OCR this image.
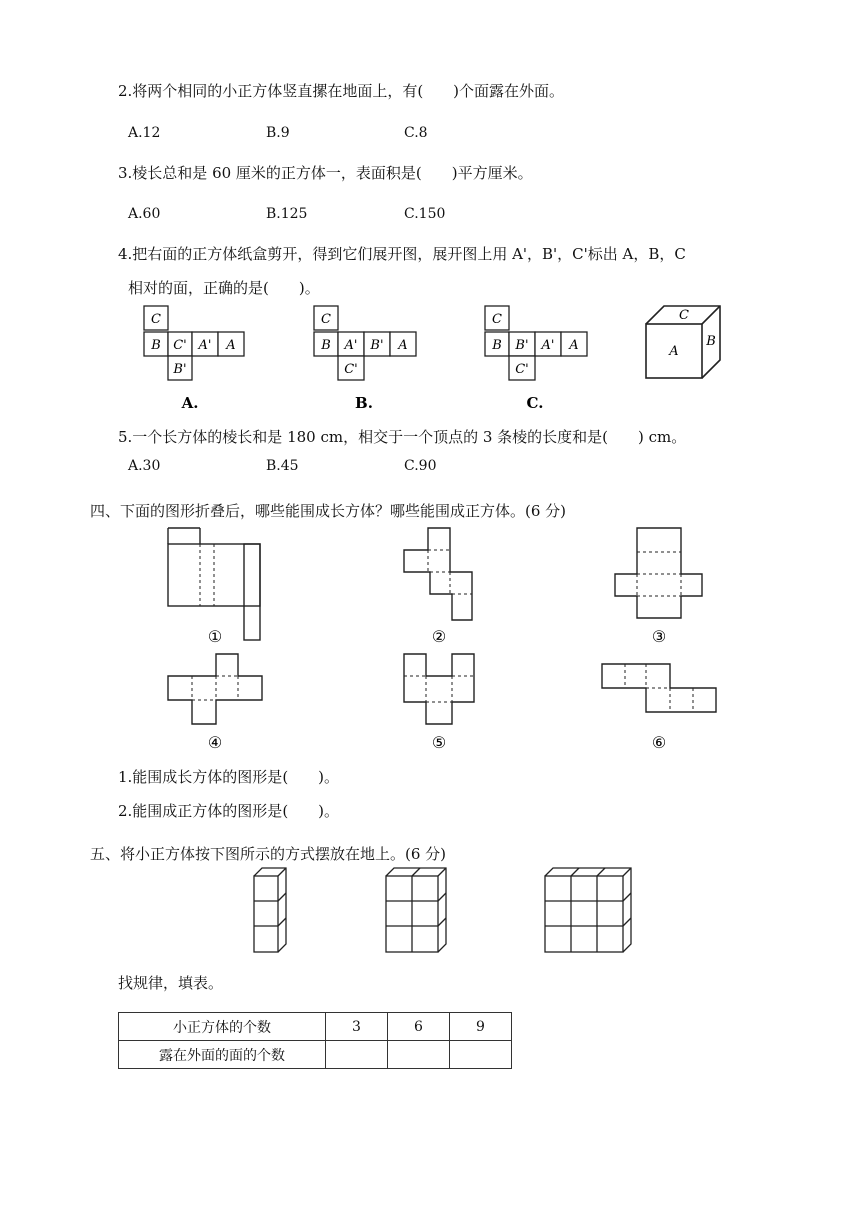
2.将两个相同的小正方体竖直摞在地面上，有(　　)个面露在外面。
A.12	B.9	C.8
3.棱长总和是 60 厘米的正方体一，表面积是(　　)平方厘米。
A.60	B.125	C.150
4.把右面的正方体纸盒剪开，得到它们展开图，展开图上用 A'，B'，C'标出 A，B，C
相对的面，正确的是(　　)。
C
B C' A' A
B'
A.
C
B A' B' A
C'
B.
C
B B' A' A
C'
C.
C
A
B
5.一个长方体的棱长和是 180 cm，相交于一个顶点的 3 条棱的长度和是(　　) cm。
A.30	B.45	C.90
四、下面的图形折叠后，哪些能围成长方体？哪些能围成正方体。(6 分)
①	②	③
④	⑤	⑥
1.能围成长方体的图形是(　　)。
2.能围成正方体的图形是(　　)。
五、将小正方体按下图所示的方式摆放在地上。(6 分)
找规律，填表。
小正方体的个数	3	6	9
露在外面的面的个数			
